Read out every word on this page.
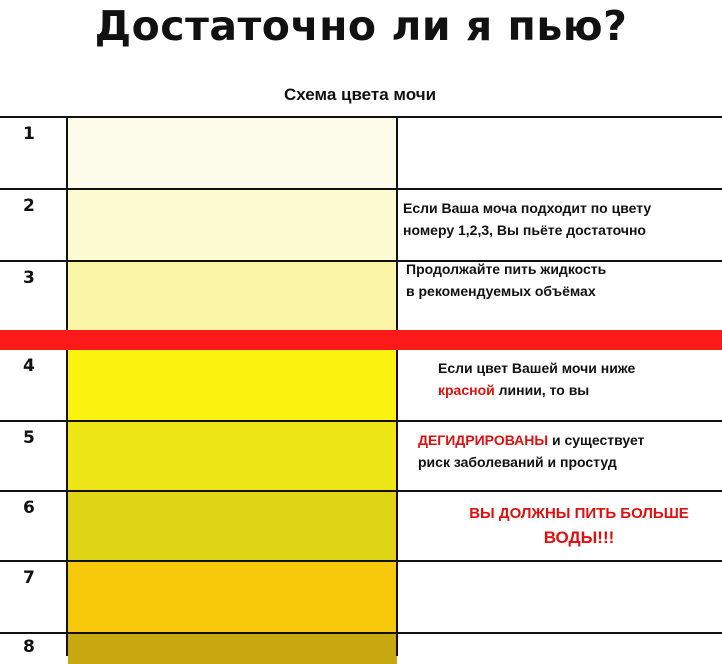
Достаточно ли я пью?
Схема цвета мочи
1
2
3
4
5
6
7
8
Если Ваша моча подходит по цвету
номеру 1,2,3, Вы пьёте достаточно
Продолжайте пить жидкость
в рекомендуемых объёмах
Если цвет Вашей мочи ниже
красной линии, то вы
ДЕГИДРИРОВАНЫ и существует
риск заболеваний и простуд
ВЫ ДОЛЖНЫ ПИТЬ БОЛЬШЕ
ВОДЫ!!!
